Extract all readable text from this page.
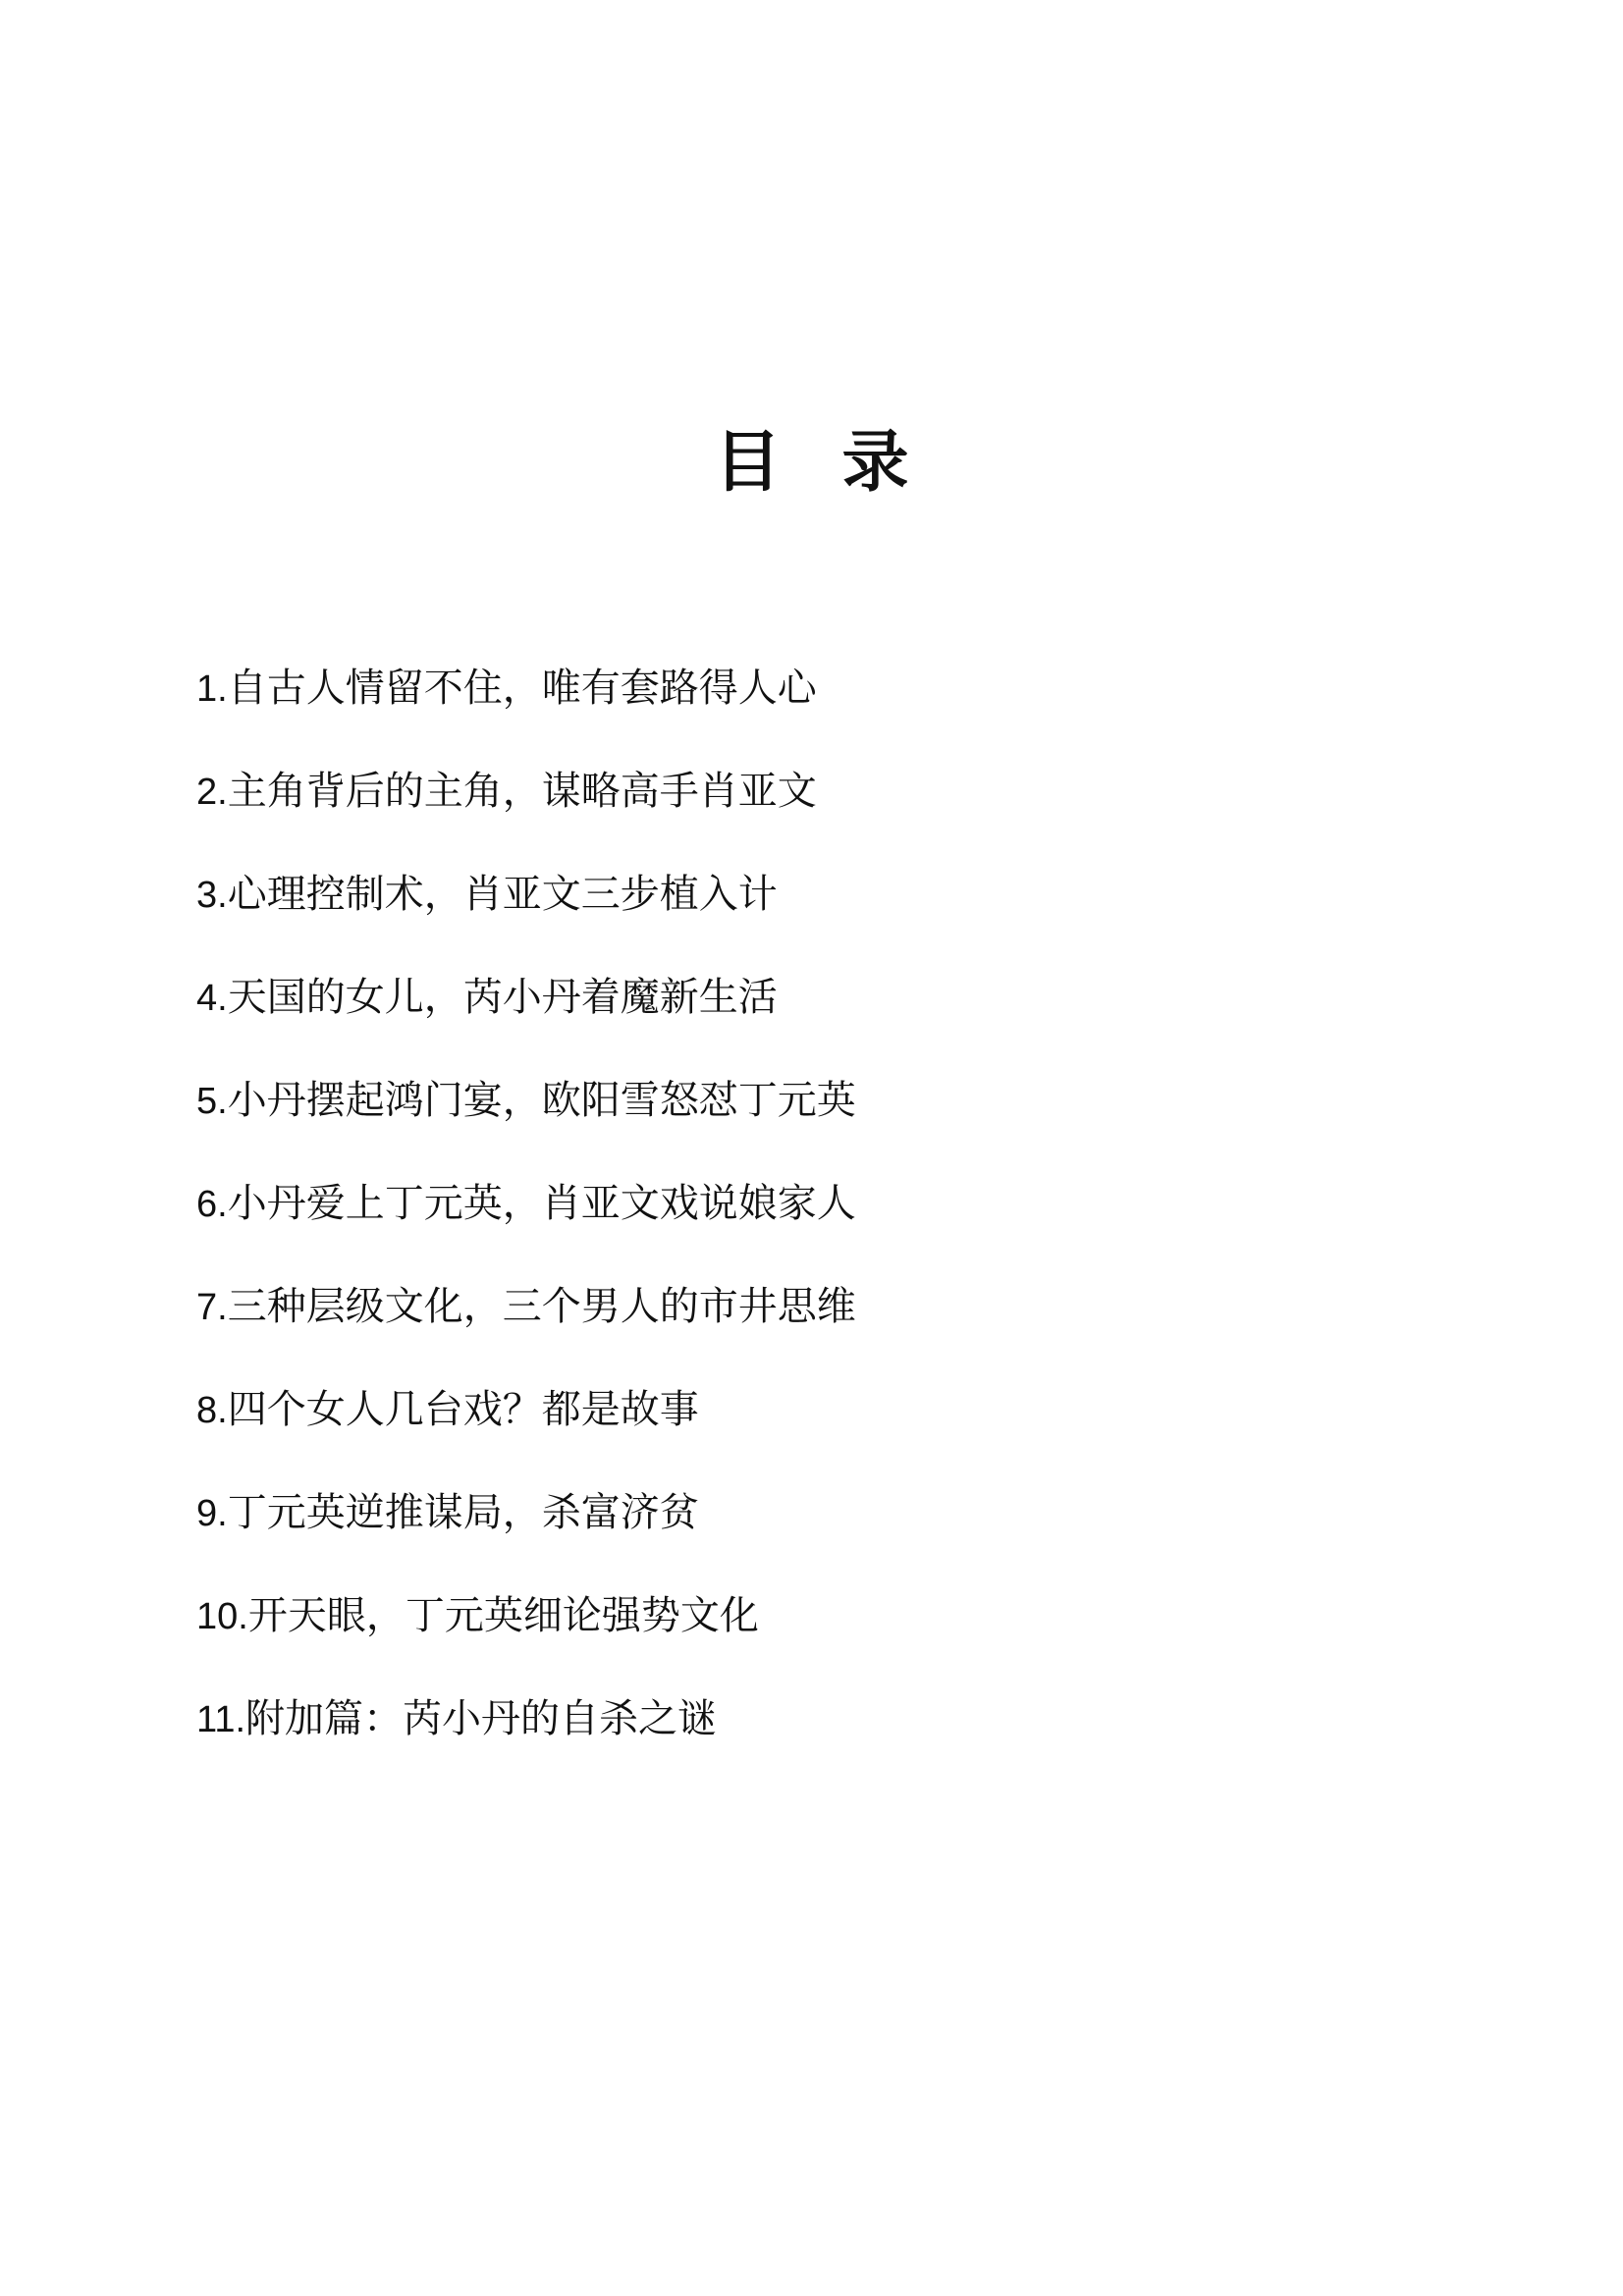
目 录
1.自古人情留不住，唯有套路得人心
2.主角背后的主角，谋略高手肖亚文
3.心理控制术，肖亚文三步植入计
4.天国的女儿，芮小丹着魔新生活
5.小丹摆起鸿门宴，欧阳雪怒怼丁元英
6.小丹爱上丁元英，肖亚文戏说娘家人
7.三种层级文化，三个男人的市井思维
8.四个女人几台戏？都是故事
9.丁元英逆推谋局，杀富济贫
10.开天眼，丁元英细论强势文化
11.附加篇：芮小丹的自杀之谜
